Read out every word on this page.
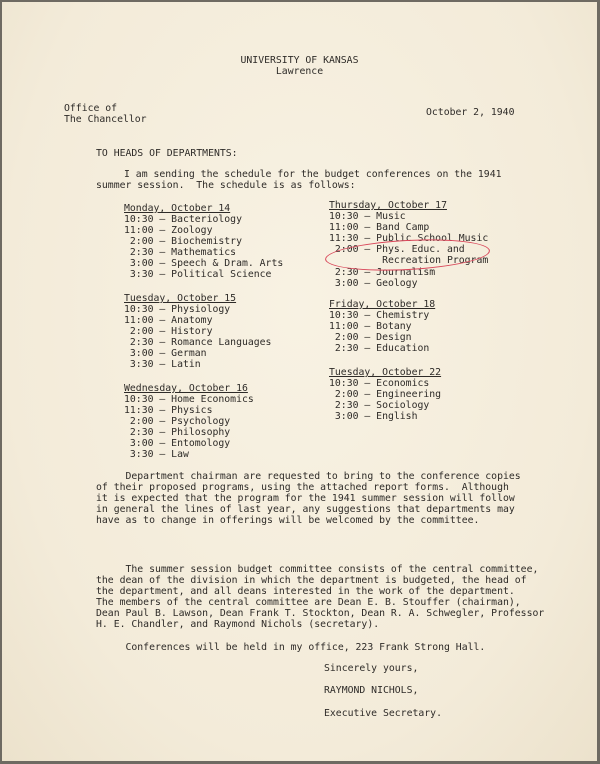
UNIVERSITY OF KANSAS
Lawrence
Office of
The Chancellor
October 2, 1940
TO HEADS OF DEPARTMENTS:
I am sending the schedule for the budget conferences on the 1941
summer session.  The schedule is as follows:
Monday, October 14
10:30 — Bacteriology
11:00 — Zoology
2:00 — Biochemistry
2:30 — Mathematics
3:00 — Speech & Dram. Arts
3:30 — Political Science
Tuesday, October 15
10:30 — Physiology
11:00 — Anatomy
2:00 — History
2:30 — Romance Languages
3:00 — German
3:30 — Latin
Wednesday, October 16
10:30 — Home Economics
11:30 — Physics
2:00 — Psychology
2:30 — Philosophy
3:00 — Entomology
3:30 — Law
Thursday, October 17
10:30 — Music
11:00 — Band Camp
11:30 — Public School Music
2:00 — Phys. Educ. and
Recreation Program
2:30 — Journalism
3:00 — Geology
Friday, October 18
10:30 — Chemistry
11:00 — Botany
2:00 — Design
2:30 — Education
Tuesday, October 22
10:30 — Economics
2:00 — Engineering
2:30 — Sociology
3:00 — English
Department chairman are requested to bring to the conference copies
of their proposed programs, using the attached report forms.  Although
it is expected that the program for the 1941 summer session will follow
in general the lines of last year, any suggestions that departments may
have as to change in offerings will be welcomed by the committee.
The summer session budget committee consists of the central committee,
the dean of the division in which the department is budgeted, the head of
the department, and all deans interested in the work of the department.
The members of the central committee are Dean E. B. Stouffer (chairman),
Dean Paul B. Lawson, Dean Frank T. Stockton, Dean R. A. Schwegler, Professor
H. E. Chandler, and Raymond Nichols (secretary).
Conferences will be held in my office, 223 Frank Strong Hall.
Sincerely yours,
RAYMOND NICHOLS,
Executive Secretary.
